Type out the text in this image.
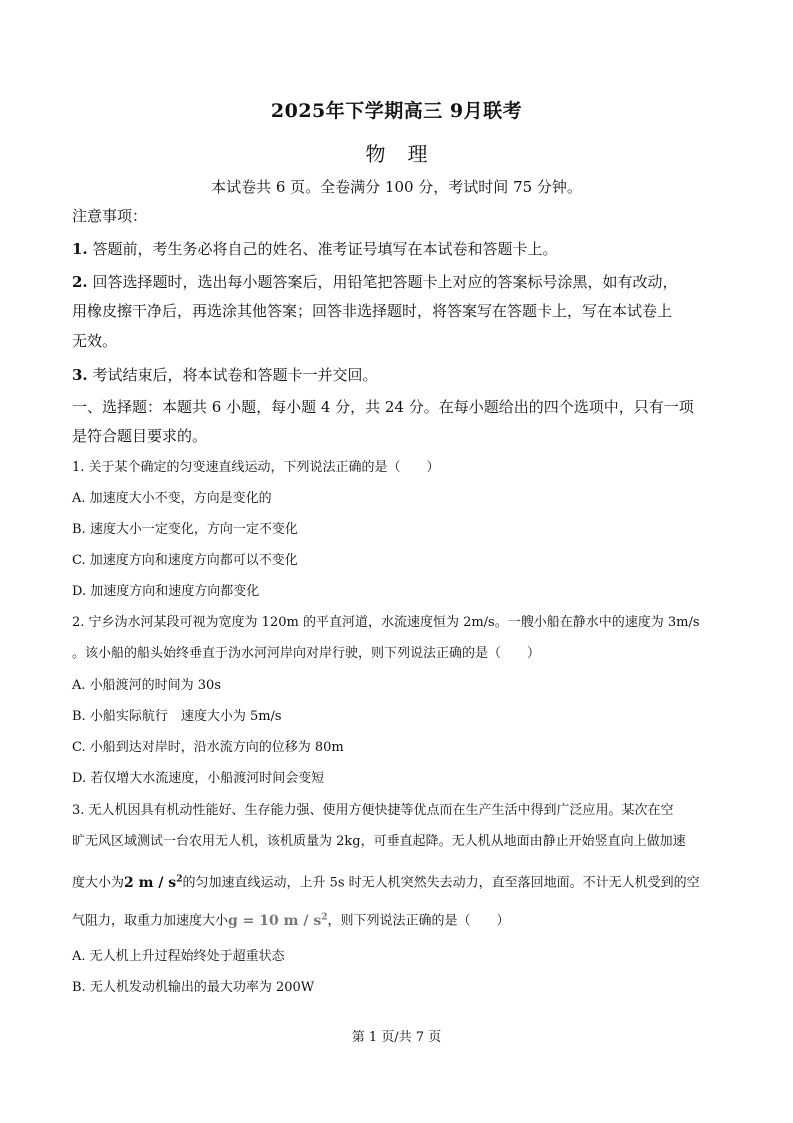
2025年下学期高三 9月联考
物理
本试卷共 6 页。全卷满分 100 分，考试时间 75 分钟。
注意事项：
1. 答题前，考生务必将自己的姓名、准考证号填写在本试卷和答题卡上。
2. 回答选择题时，选出每小题答案后，用铅笔把答题卡上对应的答案标号涂黑，如有改动，
用橡皮擦干净后，再选涂其他答案；回答非选择题时，将答案写在答题卡上，写在本试卷上
无效。
3. 考试结束后，将本试卷和答题卡一并交回。
一、选择题：本题共 6 小题，每小题 4 分，共 24 分。在每小题给出的四个选项中，只有一项
是符合题目要求的。
1. 关于某个确定的匀变速直线运动，下列说法正确的是（　　）
A. 加速度大小不变，方向是变化的
B. 速度大小一定变化，方向一定不变化
C. 加速度方向和速度方向都可以不变化
D. 加速度方向和速度方向都变化
2. 宁乡沩水河某段可视为宽度为 120m 的平直河道，水流速度恒为 2m/s。一艘小船在静水中的速度为 3m/s
。该小船的船头始终垂直于沩水河河岸向对岸行驶，则下列说法正确的是（　　）
A. 小船渡河的时间为 30s
B. 小船实际航行　速度大小为 5m/s
C. 小船到达对岸时，沿水流方向的位移为 80m
D. 若仅增大水流速度，小船渡河时间会变短
3. 无人机因具有机动性能好、生存能力强、使用方便快捷等优点而在生产生活中得到广泛应用。某次在空
旷无风区域测试一台农用无人机，该机质量为 2kg，可垂直起降。无人机从地面由静止开始竖直向上做加速
度大小为2 m / $s^2$的匀加速直线运动，上升 5s 时无人机突然失去动力，直至落回地面。不计无人机受到的空
气阻力，取重力加速度大小g = 10 m / $s^2$，则下列说法正确的是（　　）
A. 无人机上升过程始终处于超重状态
B. 无人机发动机输出的最大功率为 200W
第 1 页/共 7 页
